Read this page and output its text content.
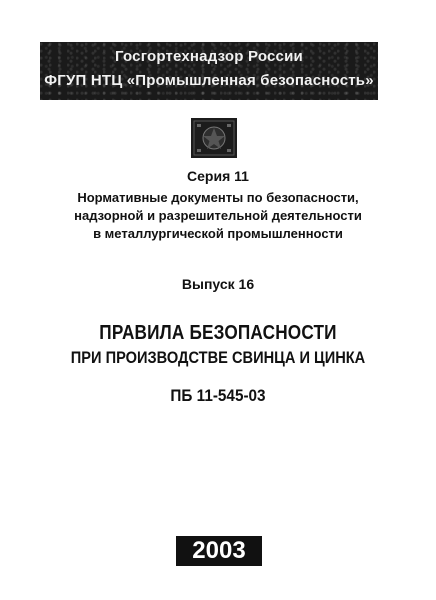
Госгортехнадзор России
ФГУП НТЦ «Промышленная безопасность»
Серия 11
Нормативные документы по безопасности,
надзорной и разрешительной деятельности
в металлургической промышленности
Выпуск 16
ПРАВИЛА БЕЗОПАСНОСТИ
ПРИ ПРОИЗВОДСТВЕ СВИНЦА И ЦИНКА
ПБ 11-545-03
2003
